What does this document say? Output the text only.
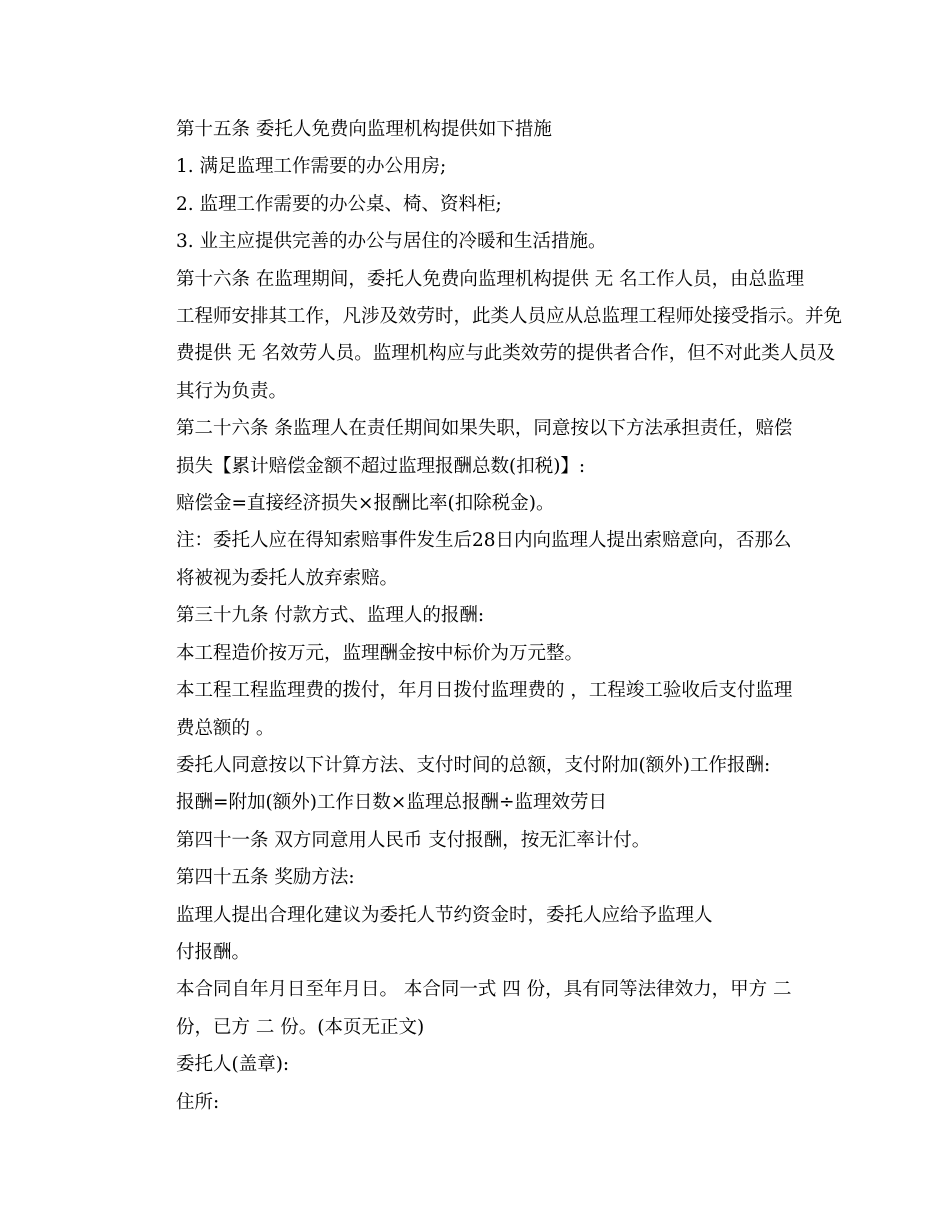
第十五条 委托人免费向监理机构提供如下措施
1. 满足监理工作需要的办公用房;
2. 监理工作需要的办公桌、椅、资料柜;
3. 业主应提供完善的办公与居住的冷暖和生活措施。
第十六条 在监理期间，委托人免费向监理机构提供 无 名工作人员，由总监理
工程师安排其工作，凡涉及效劳时，此类人员应从总监理工程师处接受指示。并免
费提供 无 名效劳人员。监理机构应与此类效劳的提供者合作，但不对此类人员及
其行为负责。
第二十六条 条监理人在责任期间如果失职，同意按以下方法承担责任，赔偿
损失【累计赔偿金额不超过监理报酬总数(扣税)】:
赔偿金=直接经济损失×报酬比率(扣除税金)。
注：委托人应在得知索赔事件发生后28日内向监理人提出索赔意向，否那么
将被视为委托人放弃索赔。
第三十九条 付款方式、监理人的报酬:
本工程造价按万元，监理酬金按中标价为万元整。
本工程工程监理费的拨付，年月日拨付监理费的 ，工程竣工验收后支付监理
费总额的 。
委托人同意按以下计算方法、支付时间的总额，支付附加(额外)工作报酬:
报酬=附加(额外)工作日数×监理总报酬÷监理效劳日
第四十一条 双方同意用人民币 支付报酬，按无汇率计付。
第四十五条 奖励方法:
监理人提出合理化建议为委托人节约资金时，委托人应给予监理人
付报酬。
本合同自年月日至年月日。 本合同一式 四 份，具有同等法律效力，甲方 二
份，已方 二 份。(本页无正文)
委托人(盖章):
住所:
